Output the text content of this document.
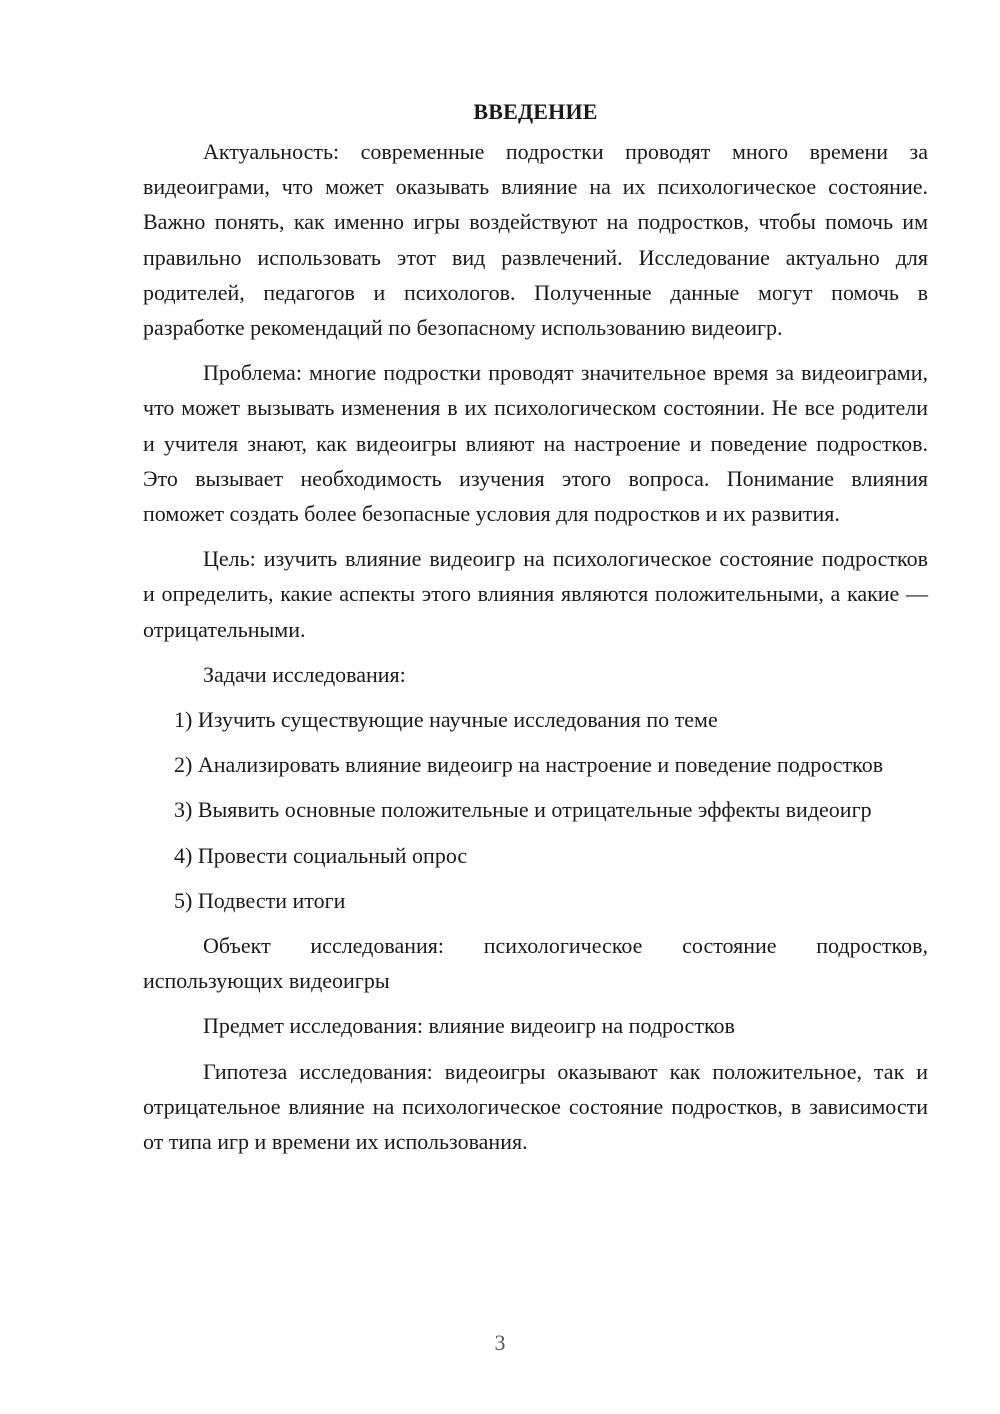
ВВЕДЕНИЕ

Актуальность: современные подростки проводят много времени за видеоиграми, что может оказывать влияние на их психологическое состояние. Важно понять, как именно игры воздействуют на подростков, чтобы помочь им правильно использовать этот вид развлечений. Исследование актуально для родителей, педагогов и психологов. Полученные данные могут помочь в разработке рекомендаций по безопасному использованию видеоигр.

Проблема: многие подростки проводят значительное время за видеоиграми, что может вызывать изменения в их психологическом состоянии. Не все родители и учителя знают, как видеоигры влияют на настроение и поведение подростков. Это вызывает необходимость изучения этого вопроса. Понимание влияния поможет создать более безопасные условия для подростков и их развития.

Цель: изучить влияние видеоигр на психологическое состояние подростков и определить, какие аспекты этого влияния являются положительными, а какие — отрицательными.

Задачи исследования:

1) Изучить существующие научные исследования по теме

2) Анализировать влияние видеоигр на настроение и поведение подростков

3) Выявить основные положительные и отрицательные эффекты видеоигр

4) Провести социальный опрос

5) Подвести итоги

Объект исследования: психологическое состояние подростков, использующих видеоигры

Предмет исследования: влияние видеоигр на подростков

Гипотеза исследования: видеоигры оказывают как положительное, так и отрицательное влияние на психологическое состояние подростков, в зависимости от типа игр и времени их использования.

3
